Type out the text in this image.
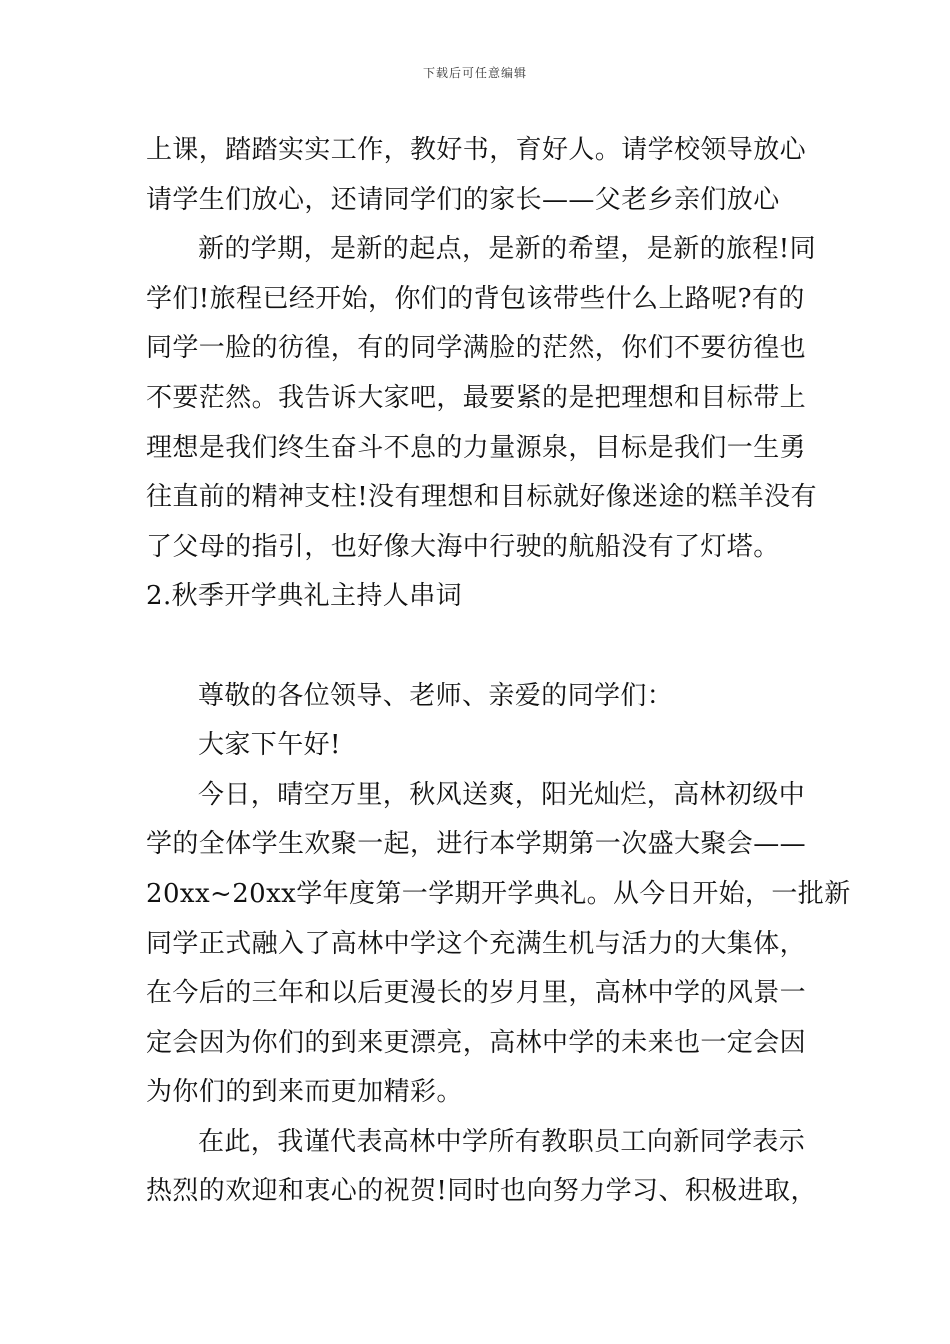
下载后可任意编辑
上课，踏踏实实工作，教好书，育好人。请学校领导放心
请学生们放心，还请同学们的家长——父老乡亲们放心
新的学期，是新的起点，是新的希望，是新的旅程!同
学们!旅程已经开始，你们的背包该带些什么上路呢?有的
同学一脸的彷徨，有的同学满脸的茫然，你们不要彷徨也
不要茫然。我告诉大家吧，最要紧的是把理想和目标带上
理想是我们终生奋斗不息的力量源泉，目标是我们一生勇
往直前的精神支柱!没有理想和目标就好像迷途的糕羊没有
了父母的指引，也好像大海中行驶的航船没有了灯塔。
2.秋季开学典礼主持人串词
尊敬的各位领导、老师、亲爱的同学们：
大家下午好!
今日，晴空万里，秋风送爽，阳光灿烂，高林初级中
学的全体学生欢聚一起，进行本学期第一次盛大聚会——
20xx~20xx学年度第一学期开学典礼。从今日开始，一批新
同学正式融入了高林中学这个充满生机与活力的大集体，
在今后的三年和以后更漫长的岁月里，高林中学的风景一
定会因为你们的到来更漂亮，高林中学的未来也一定会因
为你们的到来而更加精彩。
在此，我谨代表高林中学所有教职员工向新同学表示
热烈的欢迎和衷心的祝贺!同时也向努力学习、积极进取，
